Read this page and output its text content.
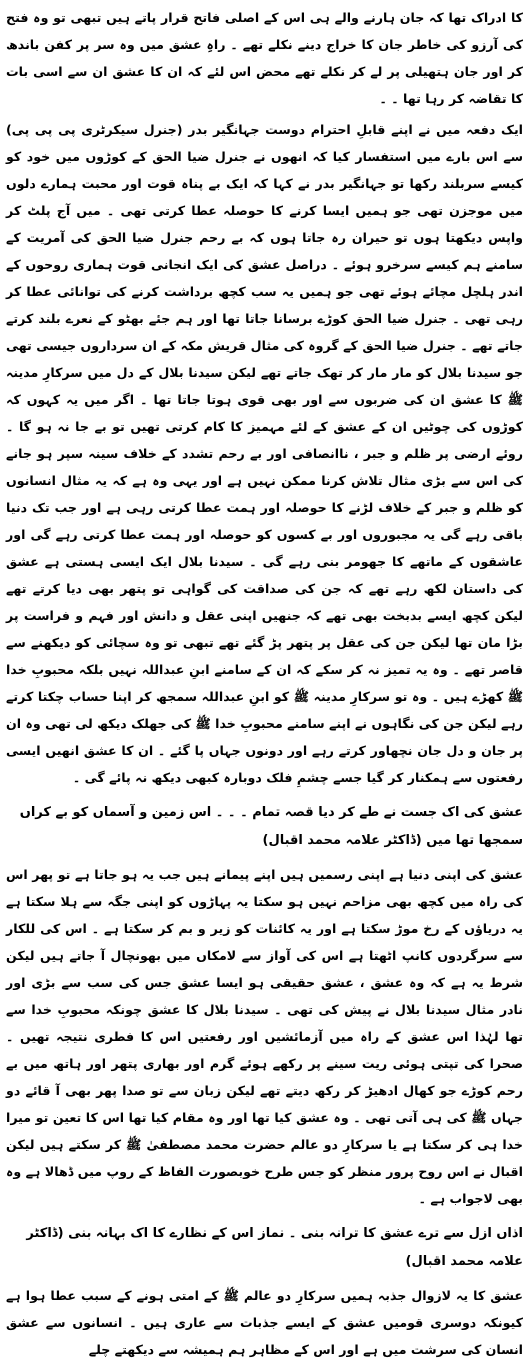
کا ادراک تھا کہ جان ہارنے والے ہی اس کے اصلی فاتح قرار پاتے ہیں تبھی تو وہ فتح کی آرزو کی خاطر جان کا خراج دینے نکلے تھے ۔ راہِ عشق میں وہ سر پر کفن باندھ کر اور جان ہتھیلی پر لے کر نکلے تھے محض اس لئے کہ ان کا عشق ان سے اسی بات کا تقاضہ کر رہا تھا ۔ ۔

ایک دفعہ میں نے اپنے قابلِ احترام دوست جہانگیر بدر (جنرل سیکرٹری پی پی پی) سے اس بارے میں استفسار کیا کہ انھوں نے جنرل ضیا الحق کے کوڑوں میں خود کو کیسے سربلند رکھا تو جہانگیر بدر نے کہا کہ ایک بے پناہ قوت اور محبت ہمارے دلوں میں موجزن تھی جو ہمیں ایسا کرنے کا حوصلہ عطا کرتی تھی ۔ میں آج پلٹ کر واپس دیکھتا ہوں تو حیران رہ جاتا ہوں کہ بے رحم جنرل ضیا الحق کی آمریت کے سامنے ہم کیسے سرخرو ہوئے ۔ دراصل عشق کی ایک انجانی قوت ہماری روحوں کے اندر ہلچل مچائے ہوئے تھی جو ہمیں یہ سب کچھ برداشت کرنے کی توانائی عطا کر رہی تھی ۔ جنرل ضیا الحق کوڑے برسانا جاتا تھا اور ہم جئے بھٹو کے نعرے بلند کرتے جاتے تھے ۔ جنرل ضیا الحق کے گروہ کی مثال قریش مکہ کے ان سرداروں جیسی تھی جو سیدنا بلال کو مار مار کر تھک جاتے تھے لیکن سیدنا بلال کے دل میں سرکارِ مدینہ ﷺ کا عشق ان کی ضربوں سے اور بھی قوی ہوتا جاتا تھا ۔ اگر میں یہ کہوں کہ کوڑوں کی چوٹیں ان کے عشق کے لئے مہمیز کا کام کرتی تھیں تو بے جا نہ ہو گا ۔ روئے ارضی پر ظلم و جبر ، ناانصافی اور بے رحم تشدد کے خلاف سینہ سپر ہو جانے کی اس سے بڑی مثال تلاش کرنا ممکن نہیں ہے اور یہی وہ ہے کہ یہ مثال انسانوں کو ظلم و جبر کے خلاف لڑنے کا حوصلہ اور ہمت عطا کرتی رہی ہے اور جب تک دنیا باقی رہے گی یہ مجبوروں اور بے کسوں کو حوصلہ اور ہمت عطا کرتی رہے گی اور عاشقوں کے ماتھے کا جھومر بنی رہے گی ۔ سیدنا بلال ایک ایسی ہستی ہے عشق کی داستان لکھ رہے تھے کہ جن کی صداقت کی گواہی تو پتھر بھی دیا کرتے تھے لیکن کچھ ایسے بدبخت بھی تھے کہ جنھیں اپنی عقل و دانش اور فہم و فراست پر بڑا مان تھا لیکن جن کی عقل پر پتھر پڑ گئے تھے تبھی تو وہ سچائی کو دیکھنے سے قاصر تھے ۔ وہ یہ تمیز نہ کر سکے کہ ان کے سامنے ابنِ عبداللہ نہیں بلکہ محبوبِ خدا ﷺ کھڑے ہیں ۔ وہ تو سرکارِ مدینہ ﷺ کو ابنِ عبداللہ سمجھ کر اپنا حساب چکتا کرتے رہے لیکن جن کی نگاہوں نے اپنے سامنے محبوبِ خدا ﷺ کی جھلک دیکھ لی تھی وہ ان پر جان و دل جان نچھاور کرتے رہے اور دونوں جہاں پا گئے ۔ ان کا عشق انھیں ایسی رفعتوں سے ہمکنار کر گیا جسے چشمِ فلک دوبارہ کبھی دیکھ نہ پائے گی ۔

عشق کی اک جست نے طے کر دیا قصہ تمام ۔ ۔ ۔ اس زمین و آسماں کو بے کراں سمجھا تھا میں (ڈاکٹر علامہ محمد اقبال)

عشق کی اپنی دنیا ہے اپنی رسمیں ہیں اپنے پیمانے ہیں جب یہ ہو جاتا ہے تو پھر اس کی راہ میں کچھ بھی مزاحم نہیں ہو سکتا یہ پہاڑوں کو اپنی جگہ سے ہلا سکتا ہے یہ دریاؤں کے رخ موڑ سکتا ہے اور یہ کائنات کو زیر و بم کر سکتا ہے ۔ اس کی للکار سے سرگردوں کانپ اٹھتا ہے اس کی آواز سے لامکاں میں بھونچال آ جاتے ہیں لیکن شرط یہ ہے کہ وہ عشق ، عشق حقیقی ہو ایسا عشق جس کی سب سے بڑی اور نادر مثال سیدنا بلال نے پیش کی تھی ۔ سیدنا بلال کا عشق چونکہ محبوبِ خدا سے تھا لہٰذا اس عشق کے راہ میں آزمائشیں اور رفعتیں اس کا فطری نتیجہ تھیں ۔ صحرا کی تپتی ہوئی ریت سینے پر رکھے ہوئے گرم اور بھاری پتھر اور ہاتھ میں بے رحم کوڑے جو کھال ادھیڑ کر رکھ دیتے تھے لیکن زبان سے تو صدا پھر بھی آ قائے دو جہاں ﷺ کی ہی آتی تھی ۔ وہ عشق کیا تھا اور وہ مقام کیا تھا اس کا تعین تو میرا خدا ہی کر سکتا ہے یا سرکارِ دو عالم حضرت محمد مصطفیٰ ﷺ کر سکتے ہیں لیکن اقبال نے اس روح پرور منظر کو جس طرح خوبصورت الفاظ کے روپ میں ڈھالا ہے وہ بھی لاجواب ہے ۔

اذاں ازل سے ترے عشق کا ترانہ بنی ۔ نماز اس کے نظارے کا اک بہانہ بنی (ڈاکٹر علامہ محمد اقبال)

عشق کا یہ لازوال جذبہ ہمیں سرکارِ دو عالم ﷺ کے امتی ہونے کے سبب عطا ہوا ہے کیونکہ دوسری قومیں عشق کے ایسے جذبات سے عاری ہیں ۔ انسانوں سے عشق انسان کی سرشت میں ہے اور اس کے مظاہر ہم ہمیشہ سے دیکھتے چلے
